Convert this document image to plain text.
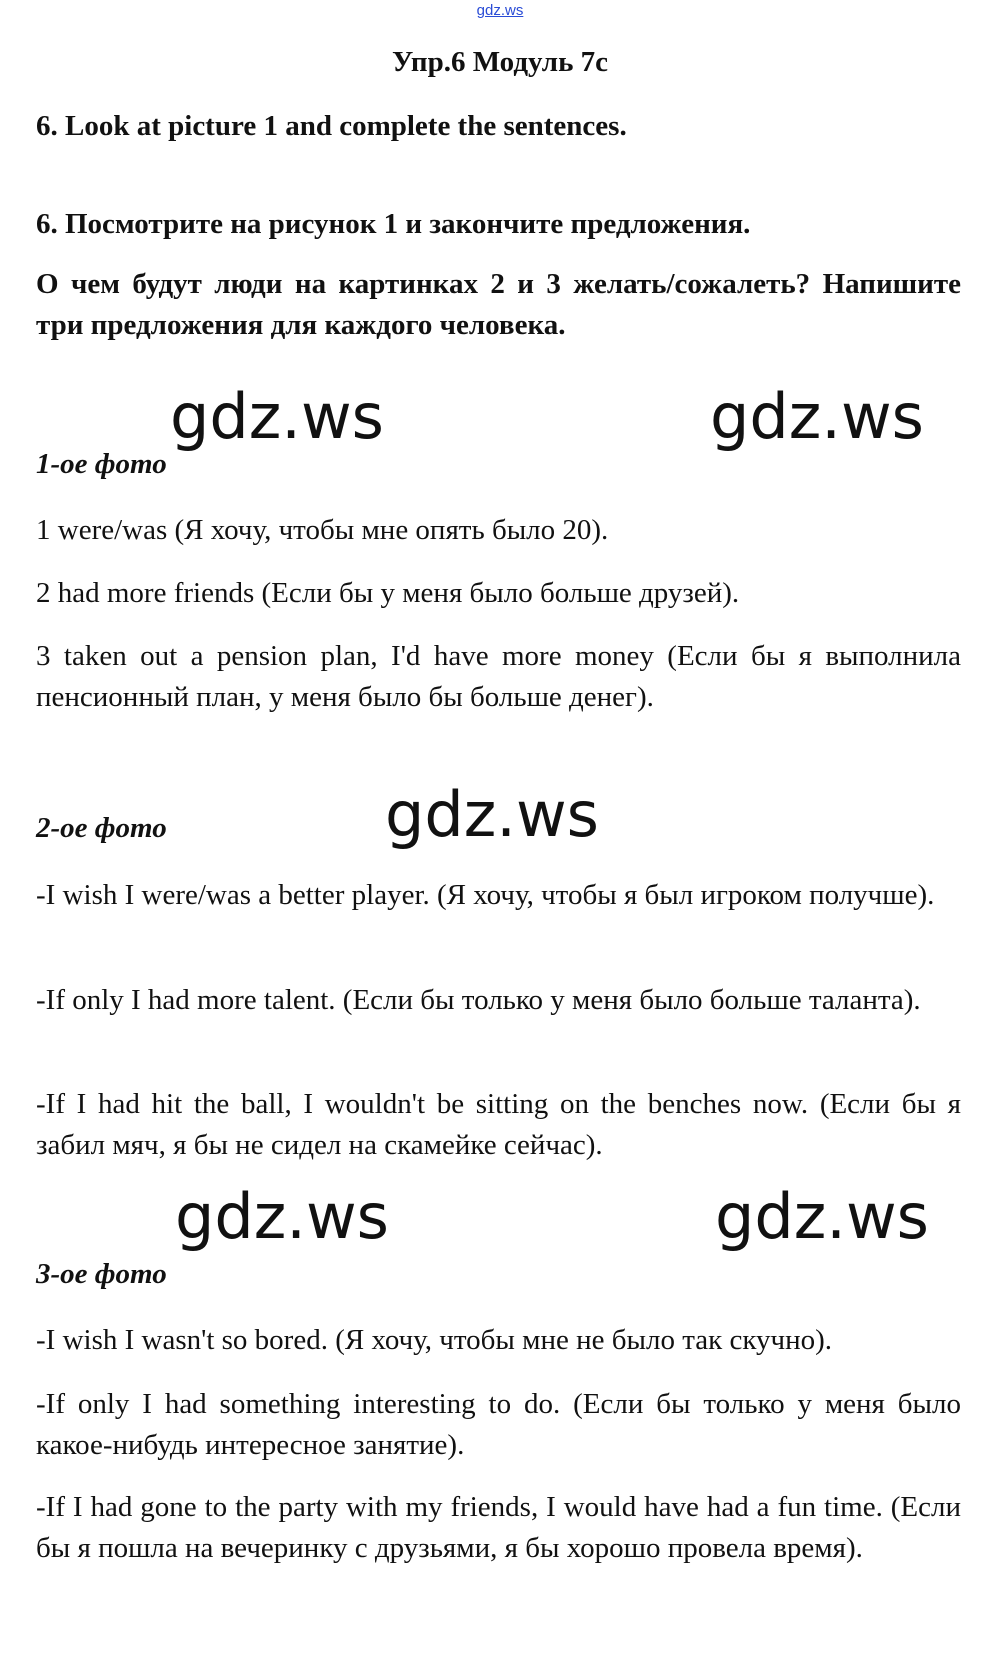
gdz.ws
Упр.6 Модуль 7с

6. Look at picture 1 and complete the sentences.

6. Посмотрите на рисунок 1 и закончите предложения.

О чем будут люди на картинках 2 и 3 желать/сожалеть? Напишите три предложения для каждого человека.

gdz.ws	gdz.ws
1-ое фото

1 were/was (Я хочу, чтобы мне опять было 20).

2 had more friends (Если бы у меня было больше друзей).

3 taken out a pension plan, I'd have more money (Если бы я выполнила пенсионный план, у меня было бы больше денег).

gdz.ws
2-ое фото

-I wish I were/was a better player. (Я хочу, чтобы я был игроком получше).

-If only I had more talent. (Если бы только у меня было больше таланта).

-If I had hit the ball, I wouldn't be sitting on the benches now. (Если бы я забил мяч, я бы не сидел на скамейке сейчас).

gdz.ws	gdz.ws
3-ое фото

-I wish I wasn't so bored. (Я хочу, чтобы мне не было так скучно).

-If only I had something interesting to do. (Если бы только у меня было какое-нибудь интересное занятие).

-If I had gone to the party with my friends, I would have had a fun time. (Если бы я пошла на вечеринку с друзьями, я бы хорошо провела время).
